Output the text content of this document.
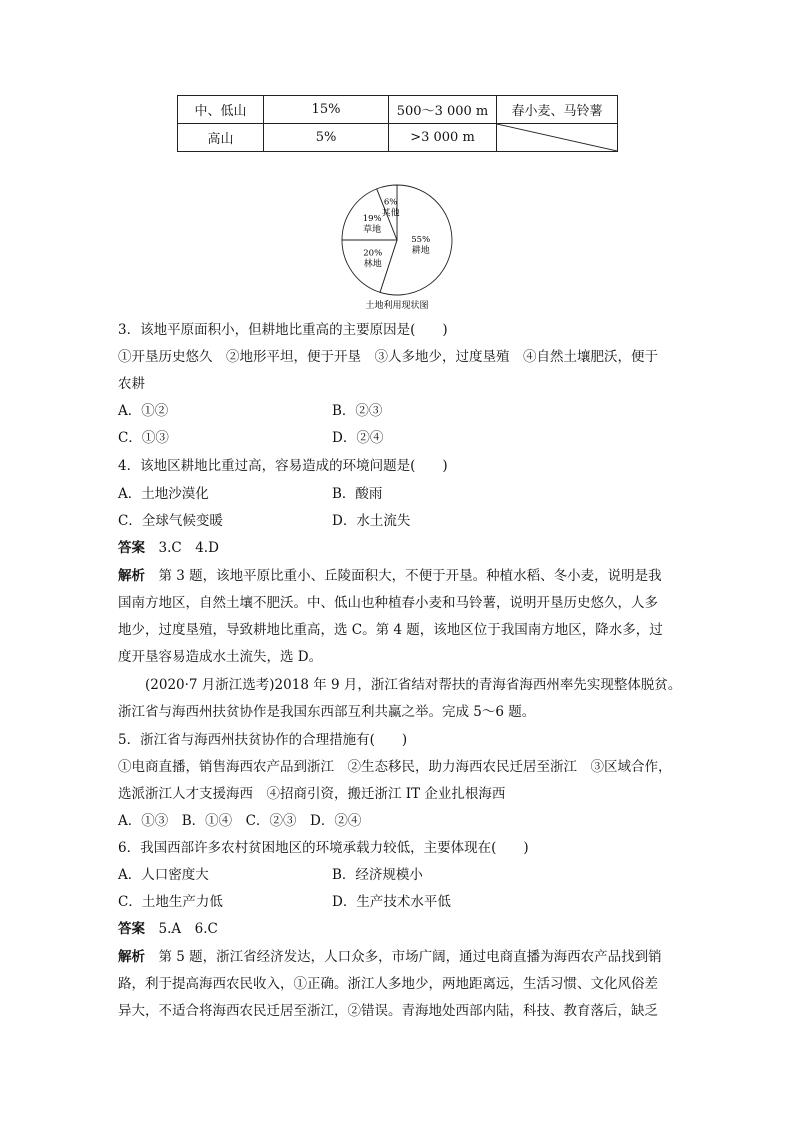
中、低山	15%	500～3 000 m	春小麦、马铃薯
高山	5%	>3 000 m	
55%
耕地
20%
林地
19%
草地
6%
其他
土地利用现状图
3．该地平原面积小，但耕地比重高的主要原因是(　　)
①开垦历史悠久　②地形平坦，便于开垦　③人多地少，过度垦殖　④自然土壤肥沃，便于
农耕
A．①②	B．②③
C．①③	D．②④
4．该地区耕地比重过高，容易造成的环境问题是(　　)
A．土地沙漠化	B．酸雨
C．全球气候变暖	D．水土流失
答案　3.C　4.D
解析　第 3 题，该地平原比重小、丘陵面积大，不便于开垦。种植水稻、冬小麦，说明是我
国南方地区，自然土壤不肥沃。中、低山也种植春小麦和马铃薯，说明开垦历史悠久，人多
地少，过度垦殖，导致耕地比重高，选 C。第 4 题，该地区位于我国南方地区，降水多，过
度开垦容易造成水土流失，选 D。
(2020·7 月浙江选考)2018 年 9 月，浙江省结对帮扶的青海省海西州率先实现整体脱贫。
浙江省与海西州扶贫协作是我国东西部互利共赢之举。完成 5～6 题。
5．浙江省与海西州扶贫协作的合理措施有(　　)
①电商直播，销售海西农产品到浙江　②生态移民，助力海西农民迁居至浙江　③区域合作，
选派浙江人才支援海西　④招商引资，搬迁浙江 IT 企业扎根海西
A．①③　B．①④　C．②③　D．②④
6．我国西部许多农村贫困地区的环境承载力较低，主要体现在(　　)
A．人口密度大	B．经济规模小
C．土地生产力低	D．生产技术水平低
答案　5.A　6.C
解析　第 5 题，浙江省经济发达，人口众多，市场广阔，通过电商直播为海西农产品找到销
路，利于提高海西农民收入，①正确。浙江人多地少，两地距离远，生活习惯、文化风俗差
异大，不适合将海西农民迁居至浙江，②错误。青海地处西部内陆，科技、教育落后，缺乏
